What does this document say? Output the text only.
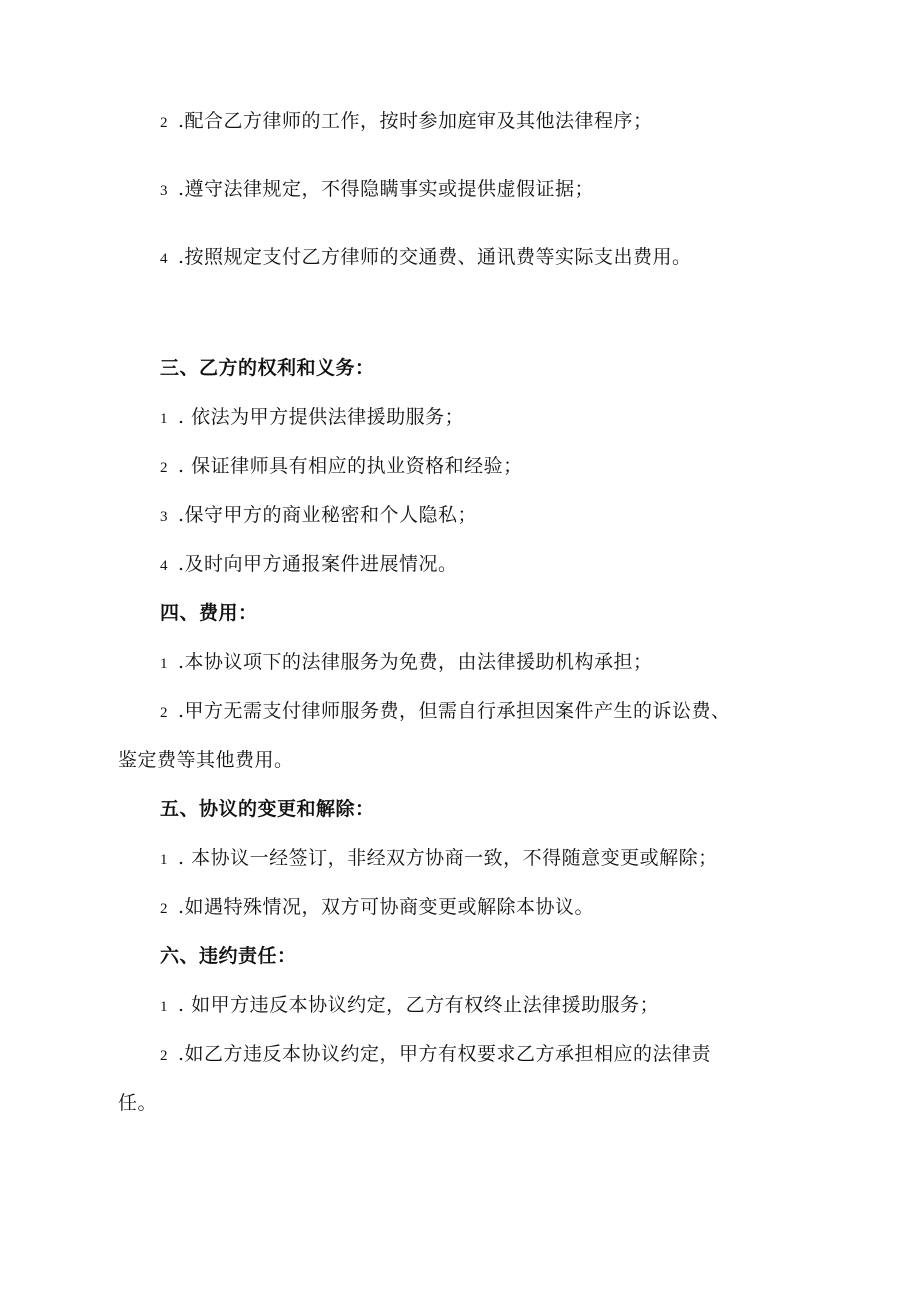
2 .配合乙方律师的工作，按时参加庭审及其他法律程序；
3 .遵守法律规定，不得隐瞒事实或提供虚假证据；
4 .按照规定支付乙方律师的交通费、通讯费等实际支出费用。
三、乙方的权利和义务：
1 . 依法为甲方提供法律援助服务；
2 . 保证律师具有相应的执业资格和经验；
3 .保守甲方的商业秘密和个人隐私；
4 .及时向甲方通报案件进展情况。
四、费用：
1 .本协议项下的法律服务为免费，由法律援助机构承担；
2 .甲方无需支付律师服务费，但需自行承担因案件产生的诉讼费、
鉴定费等其他费用。
五、协议的变更和解除：
1 . 本协议一经签订，非经双方协商一致，不得随意变更或解除；
2 .如遇特殊情况，双方可协商变更或解除本协议。
六、违约责任：
1 . 如甲方违反本协议约定，乙方有权终止法律援助服务；
2 .如乙方违反本协议约定，甲方有权要求乙方承担相应的法律责
任。
